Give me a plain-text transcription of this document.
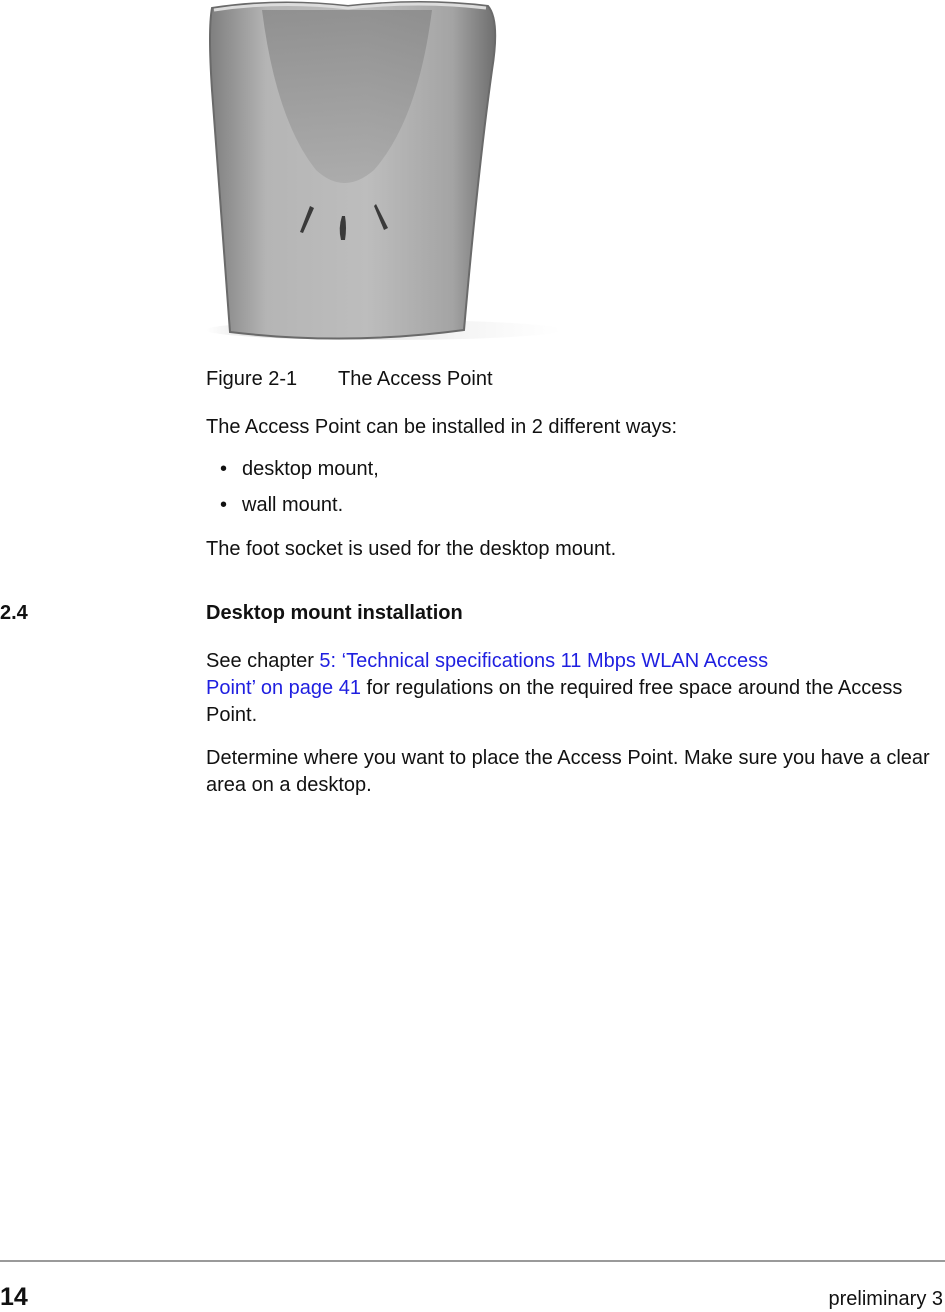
Figure 2-1 The Access Point
The Access Point can be installed in 2 different ways:
• desktop mount,
• wall mount.
The foot socket is used for the desktop mount.
2.4	Desktop mount installation
See chapter 5: ‘Technical specifications 11 Mbps WLAN Access
Point’ on page 41 for regulations on the required free space around the Access Point.
Determine where you want to place the Access Point. Make sure you have a clear area on a desktop.
14	preliminary 3
